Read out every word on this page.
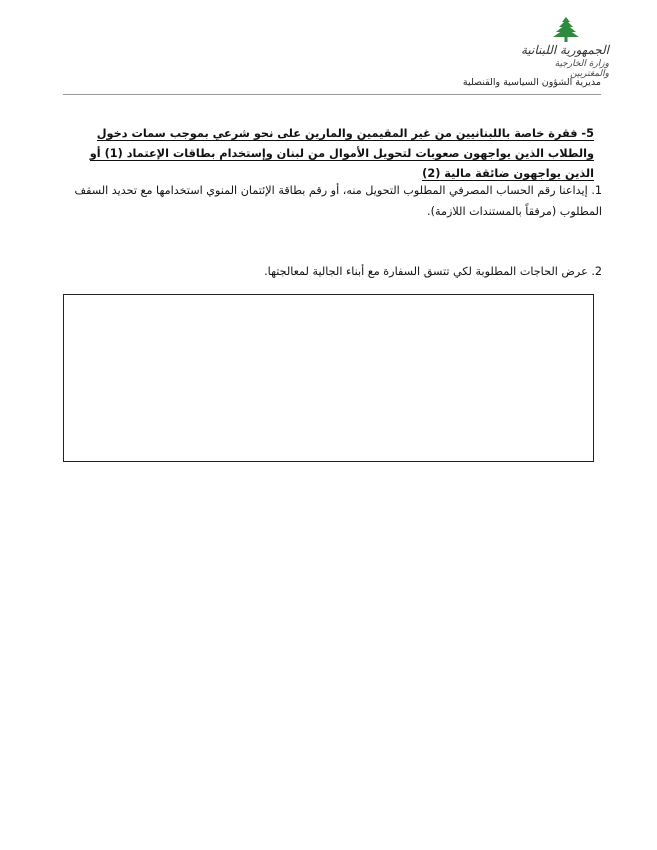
الجمهورية اللبنانية
وزارة الخارجية والمغتربين
مديرية الشؤون السياسية والقنصلية
5- فقرة خاصة باللبنانيين من غير المقيمين والمارين على نحو شرعي بموجب سمات دخول والطلاب الذين يواجهون صعوبات لتحويل الأموال من لبنان وإستخدام بطاقات الإعتماد (1) أو الذين يواجهون ضائقة مالية (2)
1. إيداعنا رقم الحساب المصرفي المطلوب التحويل منه، أو رقم بطاقة الإئتمان المنوي استخدامها مع تحديد السقف المطلوب (مرفقاً بالمستندات اللازمة).
2. عرض الحاجات المطلوبة لكي تتسق السفارة مع أبناء الجالية لمعالجتها.
